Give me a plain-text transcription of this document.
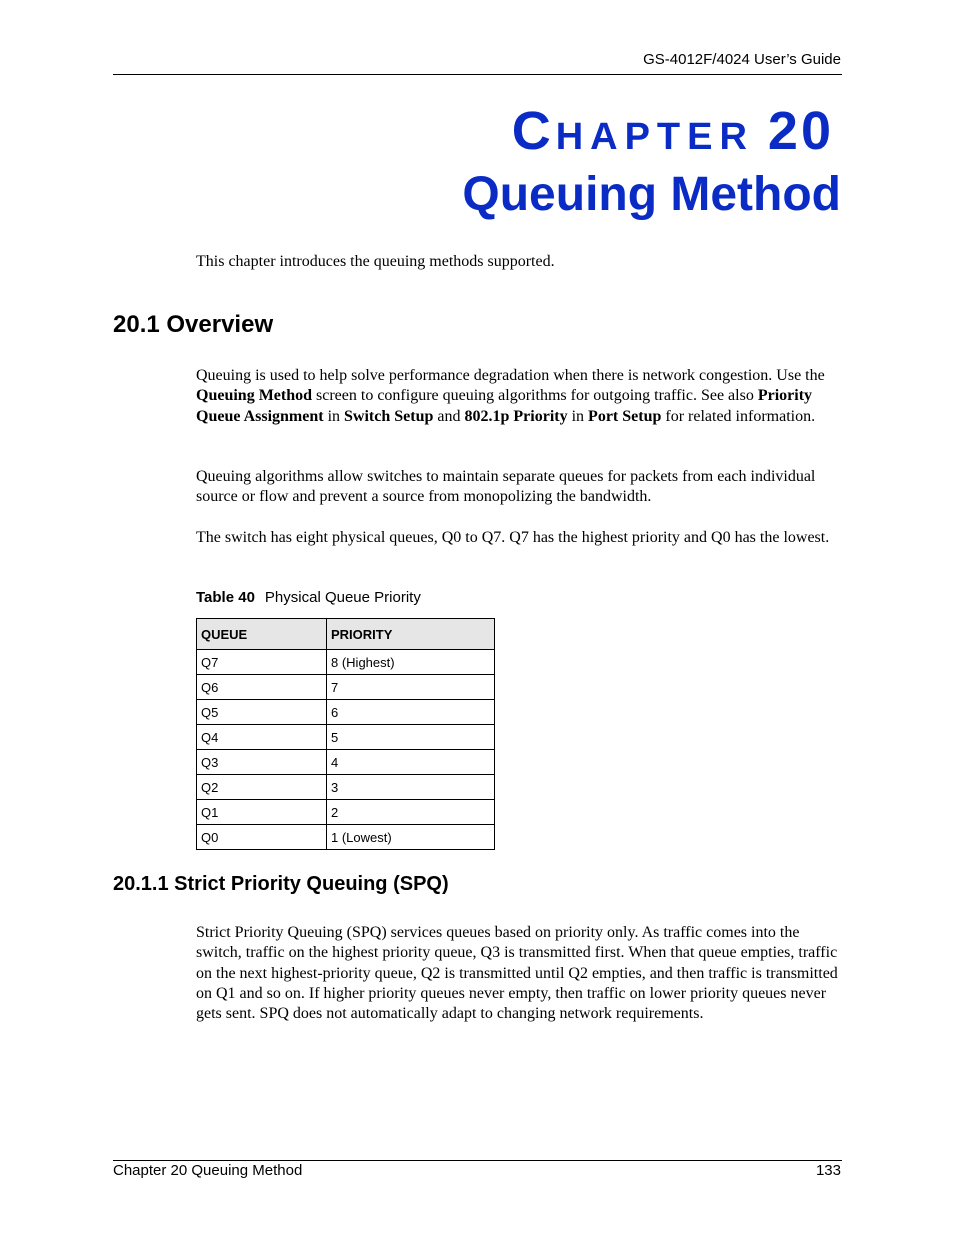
GS-4012F/4024 User’s Guide
CHAPTER 20
Queuing Method
This chapter introduces the queuing methods supported.
20.1 Overview
Queuing is used to help solve performance degradation when there is network congestion. Use the Queuing Method screen to configure queuing algorithms for outgoing traffic. See also Priority Queue Assignment in Switch Setup and 802.1p Priority in Port Setup for related information.
Queuing algorithms allow switches to maintain separate queues for packets from each individual source or flow and prevent a source from monopolizing the bandwidth.
The switch has eight physical queues, Q0 to Q7. Q7 has the highest priority and Q0 has the lowest.
Table 40 Physical Queue Priority
QUEUE	PRIORITY
Q7	8 (Highest)
Q6	7
Q5	6
Q4	5
Q3	4
Q2	3
Q1	2
Q0	1 (Lowest)
20.1.1 Strict Priority Queuing (SPQ)
Strict Priority Queuing (SPQ) services queues based on priority only. As traffic comes into the switch, traffic on the highest priority queue, Q3 is transmitted first. When that queue empties, traffic on the next highest-priority queue, Q2 is transmitted until Q2 empties, and then traffic is transmitted on Q1 and so on. If higher priority queues never empty, then traffic on lower priority queues never gets sent. SPQ does not automatically adapt to changing network requirements.
Chapter 20 Queuing Method	133
